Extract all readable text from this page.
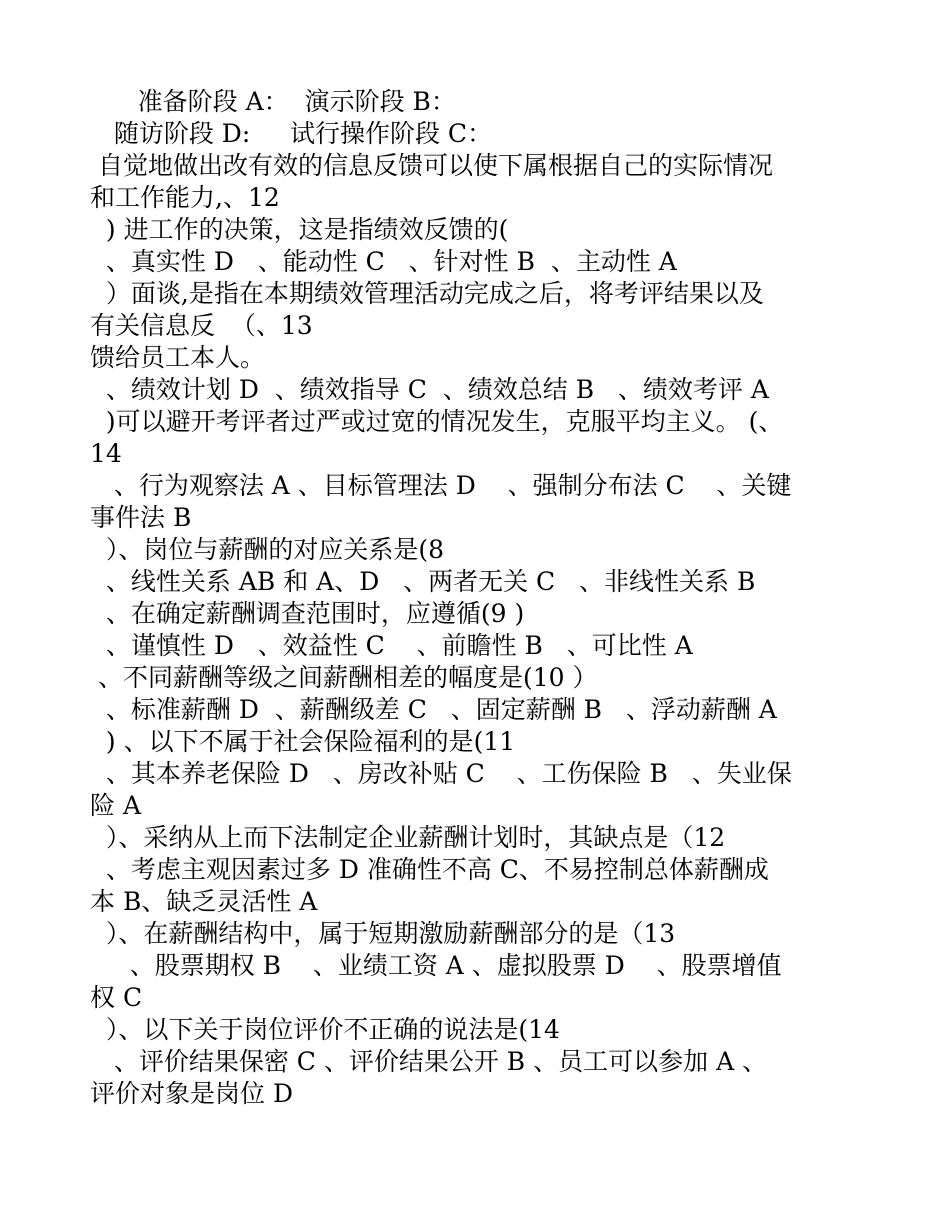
准备阶段 A：  演示阶段 B：
随访阶段 D:     试行操作阶段 C：
自觉地做出改有效的信息反馈可以使下属根据自己的实际情况
和工作能力,、12
) 进工作的决策，这是指绩效反馈的(
、真实性 D   、能动性 C   、针对性 B  、主动性 A
）面谈,是指在本期绩效管理活动完成之后，将考评结果以及
有关信息反  （、13
馈给员工本人。
、绩效计划 D  、绩效指导 C  、绩效总结 B   、绩效考评 A
)可以避开考评者过严或过宽的情况发生，克服平均主义。 (、
14
、行为观察法 A 、目标管理法 D    、强制分布法 C    、关键
事件法 B
）、岗位与薪酬的对应关系是(8
、线性关系 AB 和 A、D   、两者无关 C   、非线性关系 B
、在确定薪酬调查范围时，应遵循(9 )
、谨慎性 D   、效益性 C    、前瞻性 B   、可比性 A
、不同薪酬等级之间薪酬相差的幅度是(10 ）
、标准薪酬 D  、薪酬级差 C   、固定薪酬 B   、浮动薪酬 A
) 、以下不属于社会保险福利的是(11
、其本养老保险 D   、房改补贴 C    、工伤保险 B   、失业保
险 A
）、采纳从上而下法制定企业薪酬计划时，其缺点是（12
、考虑主观因素过多 D 准确性不高 C、不易控制总体薪酬成
本 B、缺乏灵活性 A
）、在薪酬结构中，属于短期激励薪酬部分的是（13
、股票期权 B    、业绩工资 A 、虚拟股票 D    、股票增值
权 C
）、以下关于岗位评价不正确的说法是(14
、评价结果保密 C 、评价结果公开 B 、员工可以参加 A 、
评价对象是岗位 D
